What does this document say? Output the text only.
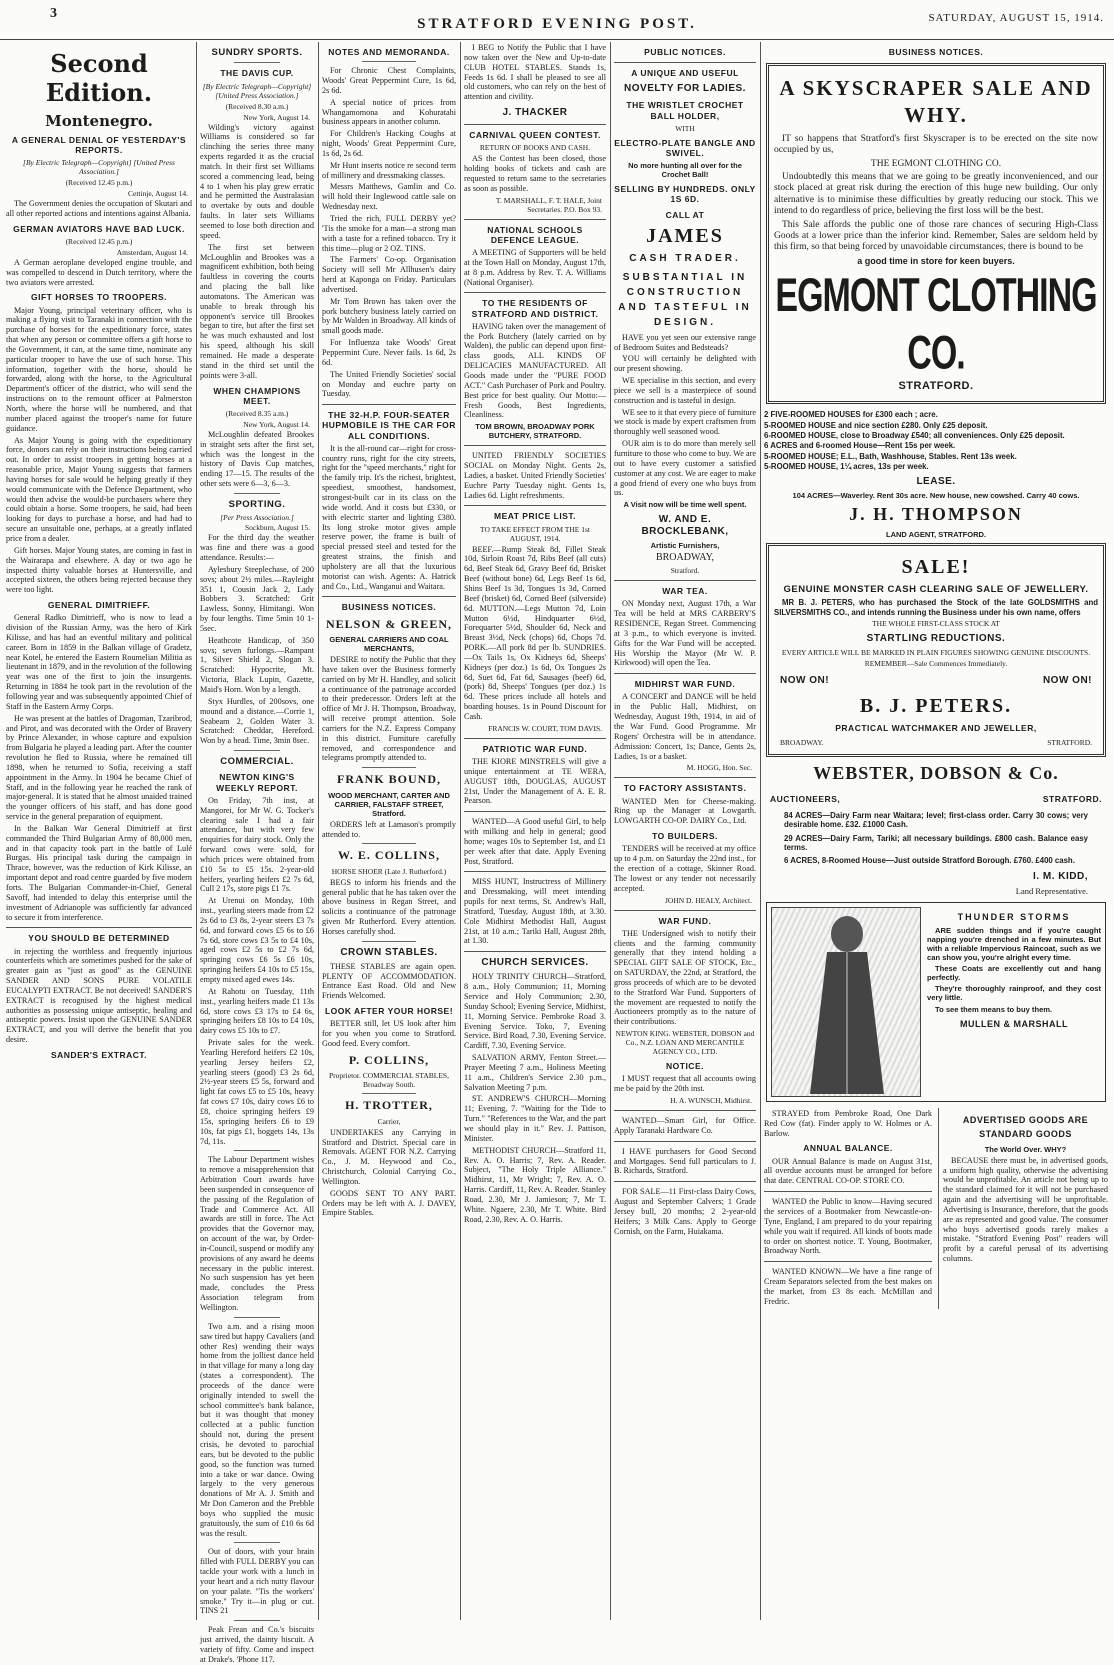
3
STRATFORD EVENING POST.	SATURDAY, AUGUST 15, 1914.
Second Edition.
Montenegro.
A GENERAL DENIAL OF YESTERDAY'S REPORTS.
[By Electric Telegraph—Copyright] [United Press Association.]
(Received 12.45 p.m.)
Cettinje, August 14.

The Government denies the occupation of Skutari and all other reported actions and intentions against Albania.

GERMAN AVIATORS HAVE BAD LUCK.
(Received 12.45 p.m.)
Amsterdam, August 14.

A German aeroplane developed engine trouble, and was compelled to descend in Dutch territory, where the two aviators were arrested.

GIFT HORSES TO TROOPERS.

Major Young, principal veterinary officer, who is making a flying visit to Taranaki in connection with the purchase of horses for the expeditionary force, states that when any person or committee offers a gift horse to the Government, it can, at the same time, nominate any particular trooper to have the use of such horse. This information, together with the horse, should be forwarded, along with the horse, to the Agricultural Department's officer of the district, who will send the instructions on to the remount officer at Palmerston North, where the horse will be numbered, and that number placed against the trooper's name for future guidance.

As Major Young is going with the expeditionary force, donors can rely on their instructions being carried out. In order to assist troopers in getting horses at a reasonable price, Major Young suggests that farmers having horses for sale would be helping greatly if they would communicate with the Defence Department, who would then advise the would-be purchasers where they could obtain a horse. Some troopers, he said, had been looking for days to purchase a horse, and had had to secure an unsuitable one, perhaps, at a greatly inflated price from a dealer.

Gift horses. Major Young states, are coming in fast in the Wairarapa and elsewhere. A day or two ago he inspected thirty valuable horses at Huntersville, and accepted sixteen, the others being rejected because they were too light.

GENERAL DIMITRIEFF.

General Radko Dimitrieff, who is now to lead a division of the Russian Army, was the hero of Kirk Kilisse, and has had an eventful military and political career. Born in 1859 in the Balkan village of Gradetz, near Kotel, he entered the Eastern Roumelian Militia as lieutenant in 1879, and in the revolution of the following year was one of the first to join the insurgents. Returning in 1884 he took part in the revolution of the following year and was subsequently appointed Chief of Staff in the Eastern Army Corps.

He was present at the battles of Dragoman, Tzaribrod, and Pirot, and was decorated with the Order of Bravery by Prince Alexander, in whose capture and expulsion from Bulgaria he played a leading part. After the counter revolution he fled to Russia, where he remained till 1898, when he returned to Sofia, receiving a staff appointment in the Army. In 1904 he became Chief of Staff, and in the following year he reached the rank of major-general. It is stated that he almost unaided trained the younger officers of his staff, and has done good service in the general preparation of equipment.

In the Balkan War General Dimitrieff at first commanded the Third Bulgarian Army of 80,000 men, and in that capacity took part in the battle of Lulé Burgas. His principal task during the campaign in Thrace, however, was the reduction of Kirk Kilisse, an important depot and road centre guarded by five modern forts. The Bulgarian Commander-in-Chief, General Savoff, had intended to delay this enterprise until the investment of Adrianople was sufficiently far advanced to secure it from interference.

YOU SHOULD BE DETERMINED

in rejecting the worthless and frequently injurious counterfeits which are sometimes pushed for the sake of greater gain as "just as good" as the GENUINE SANDER AND SONS PURE VOLATILE EUCALYPTI EXTRACT. Be not deceived! SANDER'S EXTRACT is recognised by the highest medical authorities as possessing unique antiseptic, healing and antiseptic powers. Insist upon the GENUINE SANDER EXTRACT, and you will derive the benefit that you desire.

SANDER'S EXTRACT.
SUNDRY SPORTS.
THE DAVIS CUP.
[By Electric Telegraph—Copyright] [United Press Association.]
(Received 8.30 a.m.)
New York, August 14.

Wilding's victory against Williams is considered so far clinching the series three many experts regarded it as the crucial match. In their first set Williams scored a commencing lead, being 4 to 1 when his play grew erratic and he permitted the Australasian to overtake by outs and double faults. In later sets Williams seemed to lose both direction and speed.

The first set between McLoughlin and Brookes was a magnificent exhibition, both being faultless in covering the courts and placing the ball like automatons. The American was unable to break through his opponent's service till Brookes began to tire, but after the first set he was much exhausted and lost his speed, although his skill remained. He made a desperate stand in the third set until the points were 3-all.

WHEN CHAMPIONS MEET.
(Received 8.35 a.m.)
New York, August 14.

McLoughlin defeated Brookes in straight sets after the first set, which was the longest in the history of Davis Cup matches, ending 17—15. The results of the other sets were 6—3, 6—3.

SPORTING.
[Per Press Association.]
Sockburn, August 15.

For the third day the weather was fine and there was a good attendance. Results:—

Aylesbury Steeplechase, of 200 sovs; about 2½ miles.—Rayleight 351 1, Cousin Jack 2, Lady Bobbers 3. Scratched: Grit Lawless, Sonny, Himitangi. Won by four lengths. Time 5min 10 1-5sec.

Heathcote Handicap, of 350 sovs; seven furlongs.—Rampant 1, Silver Shield 2, Slogan 3. Scratched: Hypocrite, Mt. Victoria, Black Lupin, Gazette, Maid's Horn. Won by a length.

Styx Hurdles, of 200sovs, one mound and a distance.—Corrie 1, Seabeam 2, Golden Water 3. Scratched: Cheddar, Hereford. Won by a head. Time, 3min 8sec.

COMMERCIAL.
NEWTON KING'S WEEKLY REPORT.

On Friday, 7th inst, at Mangorei, for Mr W. G. Tocker's clearing sale I had a fair attendance, but with very few enquiries for dairy stock. Only the forward cows were sold, for which prices were obtained from £10 5s to £5 15s. 2-year-old heifers, yearling heifers £2 7s 6d, Cull 2 17s, store pigs £1 7s.

At Urenui on Monday, 10th inst., yearling steers made from £2 2s 6d to £3 8s, 2-year steers £3 7s 6d, and forward cows £5 6s to £6 7s 6d, store cows £3 5s to £4 10s, aged cows £2 5s to £2 7s 6d, springing cows £6 5s £6 10s, springing heifers £4 10s to £5 15s, empty mixed aged ewes 14s.

At Rahotu on Tuesday, 11th inst., yearling heifers made £1 13s 6d, store cows £3 17s to £4 6s, springing heifers £8 10s to £4 10s, dairy cows £5 10s to £7.

Private sales for the week. Yearling Hereford heifers £2 10s, yearling Jersey heifers £2, yearling steers (good) £3 2s 6d, 2½-year steers £5 5s, forward and light fat cows £5 to £5 10s, heavy fat cows £7 10s, dairy cows £6 to £8, choice springing heifers £9 15s, springing heifers £6 to £9 10s, fat pigs £1, hoggets 14s, 13s 7d, 11s.

The Labour Department wishes to remove a misapprehension that Arbitration Court awards have been suspended in consequence of the passing of the Regulation of Trade and Commerce Act. All awards are still in force. The Act provides that the Governor may, on account of the war, by Order-in-Council, suspend or modify any provisions of any award he deems necessary in the public interest. No such suspension has yet been made, concludes the Press Association telegram from Wellington.

Two a.m. and a rising moon saw tired but happy Cavaliers (and other Res) wending their ways home from the jolliest dance held in that village for many a long day (states a correspondent). The proceeds of the dance were originally intended to swell the school committee's bank balance, but it was thought that money collected at a public function should not, during the present crisis, be devoted to parochial ears, but be devoted to the public good, so the function was turned into a take or war dance. Owing largely to the very generous donations of Mr A. J. Smith and Mr Don Cameron and the Prebble boys who supplied the music gratuitously, the sum of £10 6s 6d was the result.

Out of doors, with your brain filled with FULL DERBY you can tackle your work with a lunch in your heart and a rich nutty flavour on your palate. "Tis the workers' smoke." Try it—in plug or cut. TINS 21

Peak Frean and Co.'s biscuits just arrived, the dainty biscuit. A variety of fifty. Come and inspect at Drake's. 'Phone 117.

NOTES AND MEMORANDA.

For Chronic Chest Complaints, Woods' Great Peppermint Cure, 1s 6d, 2s 6d.

A special notice of prices from Whangamomona and Kohuratahi business appears in another column.

For Children's Hacking Coughs at night, Woods' Great Peppermint Cure, 1s 6d, 2s 6d.

Mr Hunt inserts notice re second term of millinery and dressmaking classes.

Messrs Matthews, Gamlin and Co. will hold their Inglewood cattle sale on Wednesday next.

Tried the rich, FULL DERBY yet? 'Tis the smoke for a man—a strong man with a taste for a refined tobacco. Try it this time—plug or 2 OZ. TINS.

The Farmers' Co-op. Organisation Society will sell Mr Allhusen's dairy herd at Kaponga on Friday. Particulars advertised.

Mr Tom Brown has taken over the pork butchery business lately carried on by Mr Walden in Broadway. All kinds of small goods made.

For Influenza take Woods' Great Peppermint Cure. Never fails. 1s 6d, 2s 6d.

The United Friendly Societies' social on Monday and euchre party on Tuesday.

THE 32-H.P. FOUR-SEATER HUPMOBILE IS THE CAR FOR ALL CONDITIONS.

It is the all-round car—right for cross-country runs, right for the city streets, right for the "speed merchants," right for the family trip. It's the richest, brightest, speediest, smoothest, handsomest, strongest-built car in its class on the wide world. And it costs but £330, or with electric starter and lighting £380. Its long stroke motor gives ample reserve power, the frame is built of special pressed steel and tested for the greatest strains, the finish and upholstery are all that the luxurious motorist can wish. Agents: A. Hatrick and Co., Ltd., Wanganui and Waitara.

BUSINESS NOTICES.
NELSON & GREEN,
GENERAL CARRIERS AND COAL MERCHANTS,

DESIRE to notify the Public that they have taken over the Business formerly carried on by Mr H. Handley, and solicit a continuance of the patronage accorded to their predecessor. Orders left at the office of Mr J. H. Thompson, Broadway, will receive prompt attention. Sole carriers for the N.Z. Express Company in this district. Furniture carefully removed, and correspondence and telegrams promptly attended to.

FRANK BOUND,
WOOD MERCHANT, CARTER AND CARRIER, FALSTAFF STREET, Stratford.

ORDERS left at Lamason's promptly attended to.

W. E. COLLINS,
HORSE SHOER (Late J. Rutherford.)

BEGS to inform his friends and the general public that he has taken over the above business in Regan Street, and solicits a continuance of the patronage given Mr Rutherford. Every attention. Horses carefully shod.

CROWN STABLES.

THESE STABLES are again open. PLENTY OF ACCOMMODATION. Entrance East Road. Old and New Friends Welcomed.

LOOK AFTER YOUR HORSE!

BETTER still, let US look after him for you when you come to Stratford. Good feed. Every comfort.

P. COLLINS,
Proprietor. COMMERCIAL STABLES, Broadway South.
H. TROTTER,
Carrier,

UNDERTAKES any Carrying in Stratford and District. Special care in Removals. AGENT FOR N.Z. Carrying Co., J. M. Heywood and Co., Christchurch, Colonial Carrying Co., Wellington.

GOODS SENT TO ANY PART. Orders may be left with A. J. DAVEY, Empire Stables.

I BEG to Notify the Public that I have now taken over the New and Up-to-date CLUB HOTEL STABLES. Stands 1s, Feeds 1s 6d. I shall be pleased to see all old customers, who can rely on the best of attention and civility.

J. THACKER
CARNIVAL QUEEN CONTEST.
RETURN OF BOOKS AND CASH.

AS the Contest has been closed, those holding books of tickets and cash are requested to return same to the secretaries as soon as possible.

T. MARSHALL, F. T. HALE, Joint Secretaries. P.O. Box 93.
NATIONAL SCHOOLS DEFENCE LEAGUE.

A MEETING of Supporters will be held at the Town Hall on Monday, August 17th, at 8 p.m. Address by Rev. T. A. Williams (National Organiser).

TO THE RESIDENTS OF STRATFORD AND DISTRICT.

HAVING taken over the management of the Pork Butchery (lately carried on by Walden), the public can depend upon first-class goods, ALL KINDS OF DELICACIES MANUFACTURED. All Goods made under the "PURE FOOD ACT." Cash Purchaser of Pork and Poultry. Best price for best quality. Our Motto:— Fresh Goods, Best Ingredients, Cleanliness.

TOM BROWN, BROADWAY PORK BUTCHERY, STRATFORD.

UNITED FRIENDLY SOCIETIES SOCIAL on Monday Night. Gents 2s, Ladies, a basket. United Friendly Societies' Euchre Party Tuesday night. Gents 1s, Ladies 6d. Light refreshments.

MEAT PRICE LIST.
TO TAKE EFFECT FROM THE 1st AUGUST, 1914.

BEEF.—Rump Steak 8d, Fillet Steak 10d, Sirloin Roast 7d, Ribs Beef (all cuts) 6d, Beef Steak 6d, Gravy Beef 6d, Brisket Beef (without bone) 6d, Legs Beef 1s 6d, Shins Beef 1s 3d, Tongues 1s 3d, Corned Beef (brisket) 6d, Corned Beef (silverside) 6d. MUTTON.—Legs Mutton 7d, Loin Mutton 6½d, Hindquarter 6½d, Forequarter 5½d, Shoulder 6d, Neck and Breast 3½d, Neck (chops) 6d, Chops 7d. PORK.—All pork 8d per lb. SUNDRIES.—Ox Tails 1s, Ox Kidneys 6d, Sheeps' Kidneys (per doz.) 1s 6d, Ox Tongues 2s 6d, Suet 6d, Fat 6d, Sausages (beef) 6d, (pork) 8d, Sheeps' Tongues (per doz.) 1s 6d. These prices include all hotels and boarding houses. 1s in Pound Discount for Cash.

FRANCIS W. COURT, TOM DAVIS.
PATRIOTIC WAR FUND.

THE KIORE MINSTRELS will give a unique entertainment at TE WERA, AUGUST 18th, DOUGLAS, AUGUST 21st, Under the Management of A. E. R. Pearson.

WANTED—A Good useful Girl, to help with milking and help in general; good home; wages 10s to September 1st, and £1 per week after that date. Apply Evening Post, Stratford.

MISS HUNT, Instructress of Millinery and Dressmaking, will meet intending pupils for next terms, St. Andrew's Hall, Stratford, Tuesday, August 18th, at 3.30. Cole Midhirst Methodist Hall, August 21st, at 10 a.m.; Tariki Hall, August 28th, at 1.30.

CHURCH SERVICES.

HOLY TRINITY CHURCH—Stratford, 8 a.m., Holy Communion; 11, Morning Service and Holy Communion; 2.30, Sunday School; Evening Service, Midhirst, 11, Morning Service. Pembroke Road 3. Evening Service. Toko, 7, Evening Service. Bird Road, 7.30, Evening Service. Cardiff, 7.30, Evening Service.

SALVATION ARMY, Fenton Street.—Prayer Meeting 7 a.m., Holiness Meeting 11 a.m., Children's Service 2.30 p.m., Salvation Meeting 7 p.m.

ST. ANDREW'S CHURCH—Morning 11; Evening, 7. "Waiting for the Tide to Turn." "References to the War, and the part we should play in it." Rev. J. Pattison, Minister.

METHODIST CHURCH—Stratford 11, Rev. A. O. Harris; 7, Rev. A. Reader. Subject, "The Holy Triple Alliance." Midhirst, 11, Mr Wright; 7, Rev. A. O. Harris. Cardiff, 11, Rev. A. Reader. Stanley Road, 2.30, Mr J. Jamieson; 7, Mr T. White. Ngaere, 2.30, Mr T. White. Bird Road, 2.30, Rev. A. O. Harris.

PUBLIC NOTICES.
A UNIQUE AND USEFUL
NOVELTY FOR LADIES.
THE WRISTLET CROCHET BALL HOLDER,
WITH
ELECTRO-PLATE BANGLE AND SWIVEL.
No more hunting all over for the Crochet Ball!
SELLING BY HUNDREDS. ONLY 1S 6D.
CALL AT
JAMES
CASH TRADER.
SUBSTANTIAL IN CONSTRUCTION AND TASTEFUL IN DESIGN.

HAVE you yet seen our extensive range of Bedroom Suites and Bedsteads?

YOU will certainly be delighted with our present showing.

WE specialise in this section, and every piece we sell is a masterpiece of sound construction and is tasteful in design.

WE see to it that every piece of furniture we stock is made by expert craftsmen from thoroughly well seasoned wood.

OUR aim is to do more than merely sell furniture to those who come to buy. We are out to have every customer a satisfied customer at any cost. We are eager to make a good friend of every one who buys from us.

A Visit now will be time well spent.
W. AND E. BROCKLEBANK,
Artistic Furnishers,
BROADWAY,
Stratford.
WAR TEA.

ON Monday next, August 17th, a War Tea will be held at MRS CARBERY'S RESIDENCE, Regan Street. Commencing at 3 p.m., to which everyone is invited. Gifts for the War Fund will be accepted. His Worship the Mayor (Mr W. P. Kirkwood) will open the Tea.

MIDHIRST WAR FUND.

A CONCERT and DANCE will be held in the Public Hall, Midhirst, on Wednesday, August 19th, 1914, in aid of the War Fund. Good Programme. Mr Rogers' Orchestra will be in attendance. Admission: Concert, 1s; Dance, Gents 2s, Ladies, 1s or a basket.

M. HOGG, Hon. Sec.
TO FACTORY ASSISTANTS.

WANTED Men for Cheese-making. Ring up the Manager at Lowgarth. LOWGARTH CO-OP. DAIRY Co., Ltd.

TO BUILDERS.

TENDERS will be received at my office up to 4 p.m. on Saturday the 22nd inst., for the erection of a cottage, Skinner Road. The lowest or any tender not necessarily accepted.

JOHN D. HEALY, Architect.
WAR FUND.

THE Undersigned wish to notify their clients and the farming community generally that they intend holding a SPECIAL GIFT SALE OF STOCK, Etc., on SATURDAY, the 22nd, at Stratford, the gross proceeds of which are to be devoted to the Stratford War Fund. Supporters of the movement are requested to notify the Auctioneers promptly as to the nature of their contributions.

NEWTON KING. WEBSTER, DOBSON and Co., N.Z. LOAN AND MERCANTILE AGENCY CO., LTD.
NOTICE.

I MUST request that all accounts owing me be paid by the 20th inst.

H. A. WUNSCH, Midhirst.

WANTED—Smart Girl, for Office. Apply Taranaki Hardware Co.

I HAVE purchasers for Good Second and Mortgages. Send full particulars to J. B. Richards, Stratford.

FOR SALE—11 First-class Dairy Cows, August and September Calvers; 1 Grade Jersey bull, 20 months; 2 2-year-old Heifers; 3 Milk Cans. Apply to George Cornish, on the Farm, Huiakama.

BUSINESS NOTICES.
A SKYSCRAPER SALE AND WHY.

IT so happens that Stratford's first Skyscraper is to be erected on the site now occupied by us,

THE EGMONT CLOTHING CO.

Undoubtedly this means that we are going to be greatly inconvenienced, and our stock placed at great risk during the erection of this huge new building. Our only alternative is to minimise these difficulties by greatly reducing our stock. This we intend to do regardless of price, believing the first loss will be the best.

This Sale affords the public one of those rare chances of securing High-Class Goods at a lower price than the inferior kind. Remember, Sales are seldom held by this firm, so that being forced by unavoidable circumstances, there is bound to be

a good time in store for keen buyers.
EGMONT CLOTHING CO.
STRATFORD.

2 FIVE-ROOMED HOUSES for £300 each ; acre.

5-ROOMED HOUSE and nice section £280. Only £25 deposit.

6-ROOMED HOUSE, close to Broadway £540; all conveniences. Only £25 deposit.

6 ACRES and 6-roomed House—Rent 15s per week.

5-ROOMED HOUSE; E.L., Bath, Washhouse, Stables. Rent 13s week.

5-ROOMED HOUSE, 1¼ acres, 13s per week.

LEASE.
104 ACRES—Waverley. Rent 30s acre. New house, new cowshed. Carry 40 cows.
J. H. THOMPSON
LAND AGENT, STRATFORD.
SALE!
GENUINE MONSTER CASH CLEARING SALE OF JEWELLERY.

MR B. J. PETERS, who has purchased the Stock of the late GOLDSMITHS and SILVERSMITHS CO., and intends running the Business under his own name, offers

THE WHOLE FIRST-CLASS STOCK AT
STARTLING REDUCTIONS.
EVERY ARTICLE WILL BE MARKED IN PLAIN FIGURES SHOWING GENUINE DISCOUNTS.
REMEMBER—Sale Commences Immediately.
NOW ON!	NOW ON!
B. J. PETERS.
PRACTICAL WATCHMAKER AND JEWELLER,
BROADWAY.	STRATFORD.
WEBSTER, DOBSON & Co.
AUCTIONEERS,	STRATFORD.

84 ACRES—Dairy Farm near Waitara; level; first-class order. Carry 30 cows; very desirable home. £32. £1000 Cash.

29 ACRES—Dairy Farm, Tariki; all necessary buildings. £800 cash. Balance easy terms.

6 ACRES, 8-Roomed House—Just outside Stratford Borough. £760. £400 cash.

I. M. KIDD,
Land Representative.
THUNDER STORMS

ARE sudden things and if you're caught napping you're drenched in a few minutes. But with a reliable Impervious Raincoat, such as we can show you, you're alright every time.

These Coats are excellently cut and hang perfectly.

They're thoroughly rainproof, and they cost very little.

To see them means to buy them.

MULLEN & MARSHALL

STRAYED from Pembroke Road, One Dark Red Cow (fat). Finder apply to W. Holmes or A. Barlow.

ANNUAL BALANCE.

OUR Annual Balance is made on August 31st, all overdue accounts must be arranged for before that date. CENTRAL CO-OP. STORE CO.

WANTED the Public to know—Having secured the services of a Bootmaker from Newcastle-on-Tyne, England, I am prepared to do your repairing while you wait if required. All kinds of boots made to order on shortest notice. T. Young, Bootmaker, Broadway North.

WANTED KNOWN—We have a fine range of Cream Separators selected from the best makes on the market, from £3 8s each. McMillan and Fredric.

ADVERTISED GOODS ARE STANDARD GOODS
The World Over. WHY?

BECAUSE there must be, in advertised goods, a uniform high quality, otherwise the advertising would be unprofitable. An article not being up to the standard claimed for it will not be purchased again and the advertising will be unprofitable. Advertising is Insurance, therefore, that the goods are as represented and good value. The consumer who buys advertised goods rarely makes a mistake. "Stratford Evening Post" readers will profit by a careful perusal of its advertising columns.
